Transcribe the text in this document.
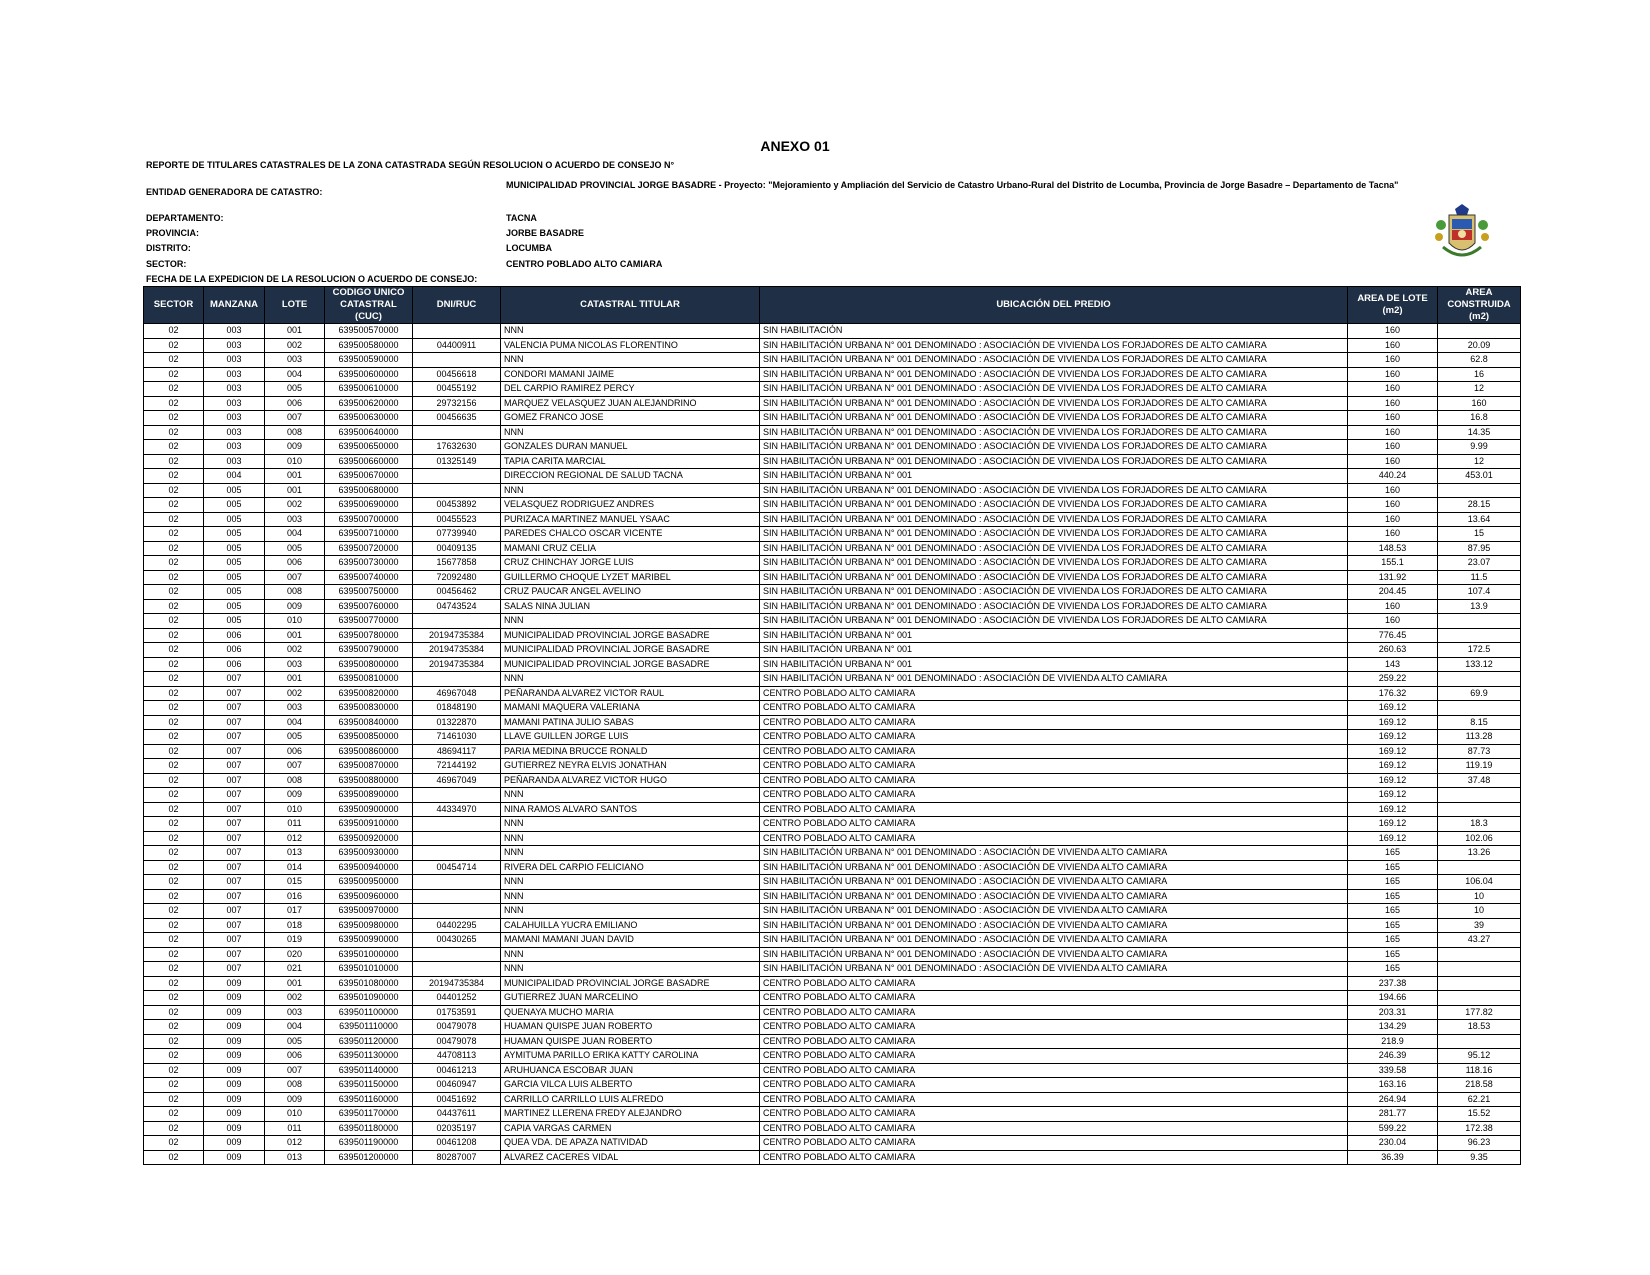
ANEXO 01
REPORTE DE TITULARES CATASTRALES DE LA ZONA CATASTRADA SEGÚN RESOLUCION O ACUERDO DE CONSEJO N°
ENTIDAD GENERADORA DE CATASTRO:
MUNICIPALIDAD PROVINCIAL JORGE BASADRE - Proyecto: "Mejoramiento y Ampliación del Servicio de Catastro Urbano-Rural del Distrito de Locumba, Provincia de Jorge Basadre – Departamento de Tacna"
DEPARTAMENTO:	TACNA
PROVINCIA:	JORBE BASADRE
DISTRITO:	LOCUMBA
SECTOR:	CENTRO POBLADO ALTO CAMIARA
FECHA DE LA EXPEDICION DE LA RESOLUCION O ACUERDO DE CONSEJO:
SECTOR	MANZANA	LOTE	CODIGO UNICO CATASTRAL (CUC)	DNI/RUC	CATASTRAL TITULAR	UBICACIÓN DEL PREDIO	AREA DE LOTE (m2)	AREA CONSTRUIDA (m2)
02	003	001	639500570000		NNN	SIN HABILITACIÓN	160	
02	003	002	639500580000	04400911	VALENCIA PUMA NICOLAS FLORENTINO	SIN HABILITACIÓN URBANA N° 001 DENOMINADO : ASOCIACIÓN DE VIVIENDA LOS FORJADORES DE ALTO CAMIARA	160	20.09
02	003	003	639500590000		NNN	SIN HABILITACIÓN URBANA N° 001 DENOMINADO : ASOCIACIÓN DE VIVIENDA LOS FORJADORES DE ALTO CAMIARA	160	62.8
02	003	004	639500600000	00456618	CONDORI MAMANI JAIME	SIN HABILITACIÓN URBANA N° 001 DENOMINADO : ASOCIACIÓN DE VIVIENDA LOS FORJADORES DE ALTO CAMIARA	160	16
02	003	005	639500610000	00455192	DEL CARPIO RAMIREZ PERCY	SIN HABILITACIÓN URBANA N° 001 DENOMINADO : ASOCIACIÓN DE VIVIENDA LOS FORJADORES DE ALTO CAMIARA	160	12
02	003	006	639500620000	29732156	MARQUEZ VELASQUEZ JUAN ALEJANDRINO	SIN HABILITACIÓN URBANA N° 001 DENOMINADO : ASOCIACIÓN DE VIVIENDA LOS FORJADORES DE ALTO CAMIARA	160	160
02	003	007	639500630000	00456635	GOMEZ FRANCO JOSE	SIN HABILITACIÓN URBANA N° 001 DENOMINADO : ASOCIACIÓN DE VIVIENDA LOS FORJADORES DE ALTO CAMIARA	160	16.8
02	003	008	639500640000		NNN	SIN HABILITACIÓN URBANA N° 001 DENOMINADO : ASOCIACIÓN DE VIVIENDA LOS FORJADORES DE ALTO CAMIARA	160	14.35
02	003	009	639500650000	17632630	GONZALES DURAN MANUEL	SIN HABILITACIÓN URBANA N° 001 DENOMINADO : ASOCIACIÓN DE VIVIENDA LOS FORJADORES DE ALTO CAMIARA	160	9.99
02	003	010	639500660000	01325149	TAPIA CARITA MARCIAL	SIN HABILITACIÓN URBANA N° 001 DENOMINADO : ASOCIACIÓN DE VIVIENDA LOS FORJADORES DE ALTO CAMIARA	160	12
02	004	001	639500670000		DIRECCION REGIONAL DE SALUD TACNA	SIN HABILITACIÓN URBANA N° 001	440.24	453.01
02	005	001	639500680000		NNN	SIN HABILITACIÓN URBANA N° 001 DENOMINADO : ASOCIACIÓN DE VIVIENDA LOS FORJADORES DE ALTO CAMIARA	160	
02	005	002	639500690000	00453892	VELASQUEZ RODRIGUEZ ANDRES	SIN HABILITACIÓN URBANA N° 001 DENOMINADO : ASOCIACIÓN DE VIVIENDA LOS FORJADORES DE ALTO CAMIARA	160	28.15
02	005	003	639500700000	00455523	PURIZACA MARTINEZ MANUEL YSAAC	SIN HABILITACIÓN URBANA N° 001 DENOMINADO : ASOCIACIÓN DE VIVIENDA LOS FORJADORES DE ALTO CAMIARA	160	13.64
02	005	004	639500710000	07739940	PAREDES CHALCO OSCAR VICENTE	SIN HABILITACIÓN URBANA N° 001 DENOMINADO : ASOCIACIÓN DE VIVIENDA LOS FORJADORES DE ALTO CAMIARA	160	15
02	005	005	639500720000	00409135	MAMANI CRUZ CELIA	SIN HABILITACIÓN URBANA N° 001 DENOMINADO : ASOCIACIÓN DE VIVIENDA LOS FORJADORES DE ALTO CAMIARA	148.53	87.95
02	005	006	639500730000	15677858	CRUZ CHINCHAY JORGE LUIS	SIN HABILITACIÓN URBANA N° 001 DENOMINADO : ASOCIACIÓN DE VIVIENDA LOS FORJADORES DE ALTO CAMIARA	155.1	23.07
02	005	007	639500740000	72092480	GUILLERMO CHOQUE LYZET MARIBEL	SIN HABILITACIÓN URBANA N° 001 DENOMINADO : ASOCIACIÓN DE VIVIENDA LOS FORJADORES DE ALTO CAMIARA	131.92	11.5
02	005	008	639500750000	00456462	CRUZ PAUCAR ANGEL AVELINO	SIN HABILITACIÓN URBANA N° 001 DENOMINADO : ASOCIACIÓN DE VIVIENDA LOS FORJADORES DE ALTO CAMIARA	204.45	107.4
02	005	009	639500760000	04743524	SALAS NINA JULIAN	SIN HABILITACIÓN URBANA N° 001 DENOMINADO : ASOCIACIÓN DE VIVIENDA LOS FORJADORES DE ALTO CAMIARA	160	13.9
02	005	010	639500770000		NNN	SIN HABILITACIÓN URBANA N° 001 DENOMINADO : ASOCIACIÓN DE VIVIENDA LOS FORJADORES DE ALTO CAMIARA	160	
02	006	001	639500780000	20194735384	MUNICIPALIDAD PROVINCIAL JORGE BASADRE	SIN HABILITACIÓN URBANA N° 001	776.45	
02	006	002	639500790000	20194735384	MUNICIPALIDAD PROVINCIAL JORGE BASADRE	SIN HABILITACIÓN URBANA N° 001	260.63	172.5
02	006	003	639500800000	20194735384	MUNICIPALIDAD PROVINCIAL JORGE BASADRE	SIN HABILITACIÓN URBANA N° 001	143	133.12
02	007	001	639500810000		NNN	SIN HABILITACIÓN URBANA N° 001 DENOMINADO : ASOCIACIÓN DE VIVIENDA ALTO CAMIARA	259.22	
02	007	002	639500820000	46967048	PEÑARANDA ALVAREZ VICTOR RAUL	CENTRO POBLADO ALTO CAMIARA	176.32	69.9
02	007	003	639500830000	01848190	MAMANI MAQUERA VALERIANA	CENTRO POBLADO ALTO CAMIARA	169.12	
02	007	004	639500840000	01322870	MAMANI PATINA JULIO SABAS	CENTRO POBLADO ALTO CAMIARA	169.12	8.15
02	007	005	639500850000	71461030	LLAVE GUILLEN JORGE LUIS	CENTRO POBLADO ALTO CAMIARA	169.12	113.28
02	007	006	639500860000	48694117	PARIA MEDINA BRUCCE RONALD	CENTRO POBLADO ALTO CAMIARA	169.12	87.73
02	007	007	639500870000	72144192	GUTIERREZ NEYRA ELVIS JONATHAN	CENTRO POBLADO ALTO CAMIARA	169.12	119.19
02	007	008	639500880000	46967049	PEÑARANDA ALVAREZ VICTOR HUGO	CENTRO POBLADO ALTO CAMIARA	169.12	37.48
02	007	009	639500890000		NNN	CENTRO POBLADO ALTO CAMIARA	169.12	
02	007	010	639500900000	44334970	NINA RAMOS ALVARO SANTOS	CENTRO POBLADO ALTO CAMIARA	169.12	
02	007	011	639500910000		NNN	CENTRO POBLADO ALTO CAMIARA	169.12	18.3
02	007	012	639500920000		NNN	CENTRO POBLADO ALTO CAMIARA	169.12	102.06
02	007	013	639500930000		NNN	SIN HABILITACIÓN URBANA N° 001 DENOMINADO : ASOCIACIÓN DE VIVIENDA ALTO CAMIARA	165	13.26
02	007	014	639500940000	00454714	RIVERA DEL CARPIO FELICIANO	SIN HABILITACIÓN URBANA N° 001 DENOMINADO : ASOCIACIÓN DE VIVIENDA ALTO CAMIARA	165	
02	007	015	639500950000		NNN	SIN HABILITACIÓN URBANA N° 001 DENOMINADO : ASOCIACIÓN DE VIVIENDA ALTO CAMIARA	165	106.04
02	007	016	639500960000		NNN	SIN HABILITACIÓN URBANA N° 001 DENOMINADO : ASOCIACIÓN DE VIVIENDA ALTO CAMIARA	165	10
02	007	017	639500970000		NNN	SIN HABILITACIÓN URBANA N° 001 DENOMINADO : ASOCIACIÓN DE VIVIENDA ALTO CAMIARA	165	10
02	007	018	639500980000	04402295	CALAHUILLA YUCRA EMILIANO	SIN HABILITACIÓN URBANA N° 001 DENOMINADO : ASOCIACIÓN DE VIVIENDA ALTO CAMIARA	165	39
02	007	019	639500990000	00430265	MAMANI MAMANI JUAN DAVID	SIN HABILITACIÓN URBANA N° 001 DENOMINADO : ASOCIACIÓN DE VIVIENDA ALTO CAMIARA	165	43.27
02	007	020	639501000000		NNN	SIN HABILITACIÓN URBANA N° 001 DENOMINADO : ASOCIACIÓN DE VIVIENDA ALTO CAMIARA	165	
02	007	021	639501010000		NNN	SIN HABILITACIÓN URBANA N° 001 DENOMINADO : ASOCIACIÓN DE VIVIENDA ALTO CAMIARA	165	
02	009	001	639501080000	20194735384	MUNICIPALIDAD PROVINCIAL JORGE BASADRE	CENTRO POBLADO ALTO CAMIARA	237.38	
02	009	002	639501090000	04401252	GUTIERREZ JUAN MARCELINO	CENTRO POBLADO ALTO CAMIARA	194.66	
02	009	003	639501100000	01753591	QUENAYA MUCHO MARIA	CENTRO POBLADO ALTO CAMIARA	203.31	177.82
02	009	004	639501110000	00479078	HUAMAN QUISPE JUAN ROBERTO	CENTRO POBLADO ALTO CAMIARA	134.29	18.53
02	009	005	639501120000	00479078	HUAMAN QUISPE JUAN ROBERTO	CENTRO POBLADO ALTO CAMIARA	218.9	
02	009	006	639501130000	44708113	AYMITUMA PARILLO ERIKA KATTY CAROLINA	CENTRO POBLADO ALTO CAMIARA	246.39	95.12
02	009	007	639501140000	00461213	ARUHUANCA ESCOBAR JUAN	CENTRO POBLADO ALTO CAMIARA	339.58	118.16
02	009	008	639501150000	00460947	GARCIA VILCA LUIS ALBERTO	CENTRO POBLADO ALTO CAMIARA	163.16	218.58
02	009	009	639501160000	00451692	CARRILLO CARRILLO LUIS ALFREDO	CENTRO POBLADO ALTO CAMIARA	264.94	62.21
02	009	010	639501170000	04437611	MARTINEZ LLERENA FREDY ALEJANDRO	CENTRO POBLADO ALTO CAMIARA	281.77	15.52
02	009	011	639501180000	02035197	CAPIA VARGAS CARMEN	CENTRO POBLADO ALTO CAMIARA	599.22	172.38
02	009	012	639501190000	00461208	QUEA VDA. DE APAZA NATIVIDAD	CENTRO POBLADO ALTO CAMIARA	230.04	96.23
02	009	013	639501200000	80287007	ALVAREZ CACERES VIDAL	CENTRO POBLADO ALTO CAMIARA	36.39	9.35
